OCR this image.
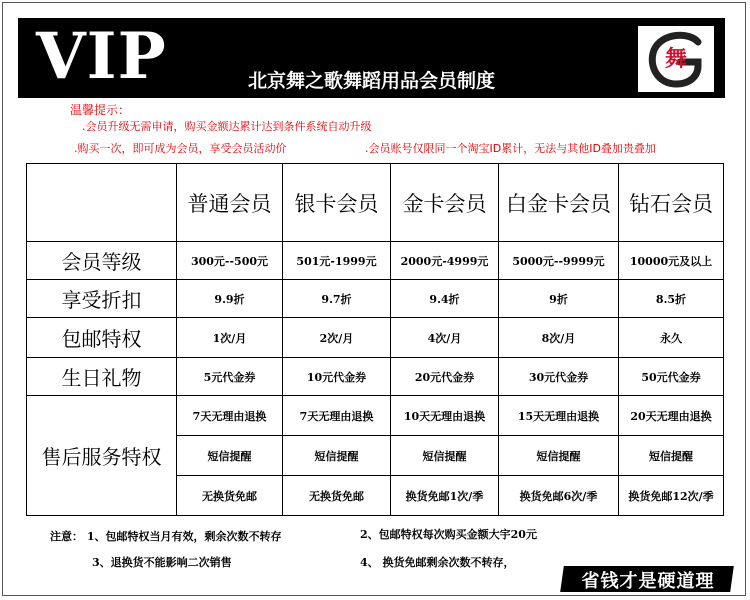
VIP	北京舞之歌舞蹈用品会员制度
G 舞
温馨提示：
.会员升级无需申请，购买金额达累计达到条件系统自动升级
.购买一次，即可成为会员，享受会员活动价	.会员账号仅限同一个淘宝ID累计，无法与其他ID叠加贵叠加
	普通会员	银卡会员	金卡会员	白金卡会员	钻石会员
会员等级	300元--500元	501元-1999元	2000元-4999元	5000元--9999元	10000元及以上
享受折扣	9.9折	9.7折	9.4折	9折	8.5折
包邮特权	1次/月	2次/月	4次/月	8次/月	永久
生日礼物	5元代金券	10元代金券	20元代金券	30元代金券	50元代金券
售后服务特权	7天无理由退换	7天无理由退换	10天无理由退换	15天无理由退换	20天无理由退换
	短信提醒	短信提醒	短信提醒	短信提醒	短信提醒
	无换货免邮	无换货免邮	换货免邮1次/季	换货免邮6次/季	换货免邮12次/季
注意： 1、包邮特权当月有效，剩余次数不转存	2、包邮特权每次购买金额大宇20元
3、退换货不能影响二次销售	4、 换货免邮剩余次数不转存，
省钱才是硬道理
